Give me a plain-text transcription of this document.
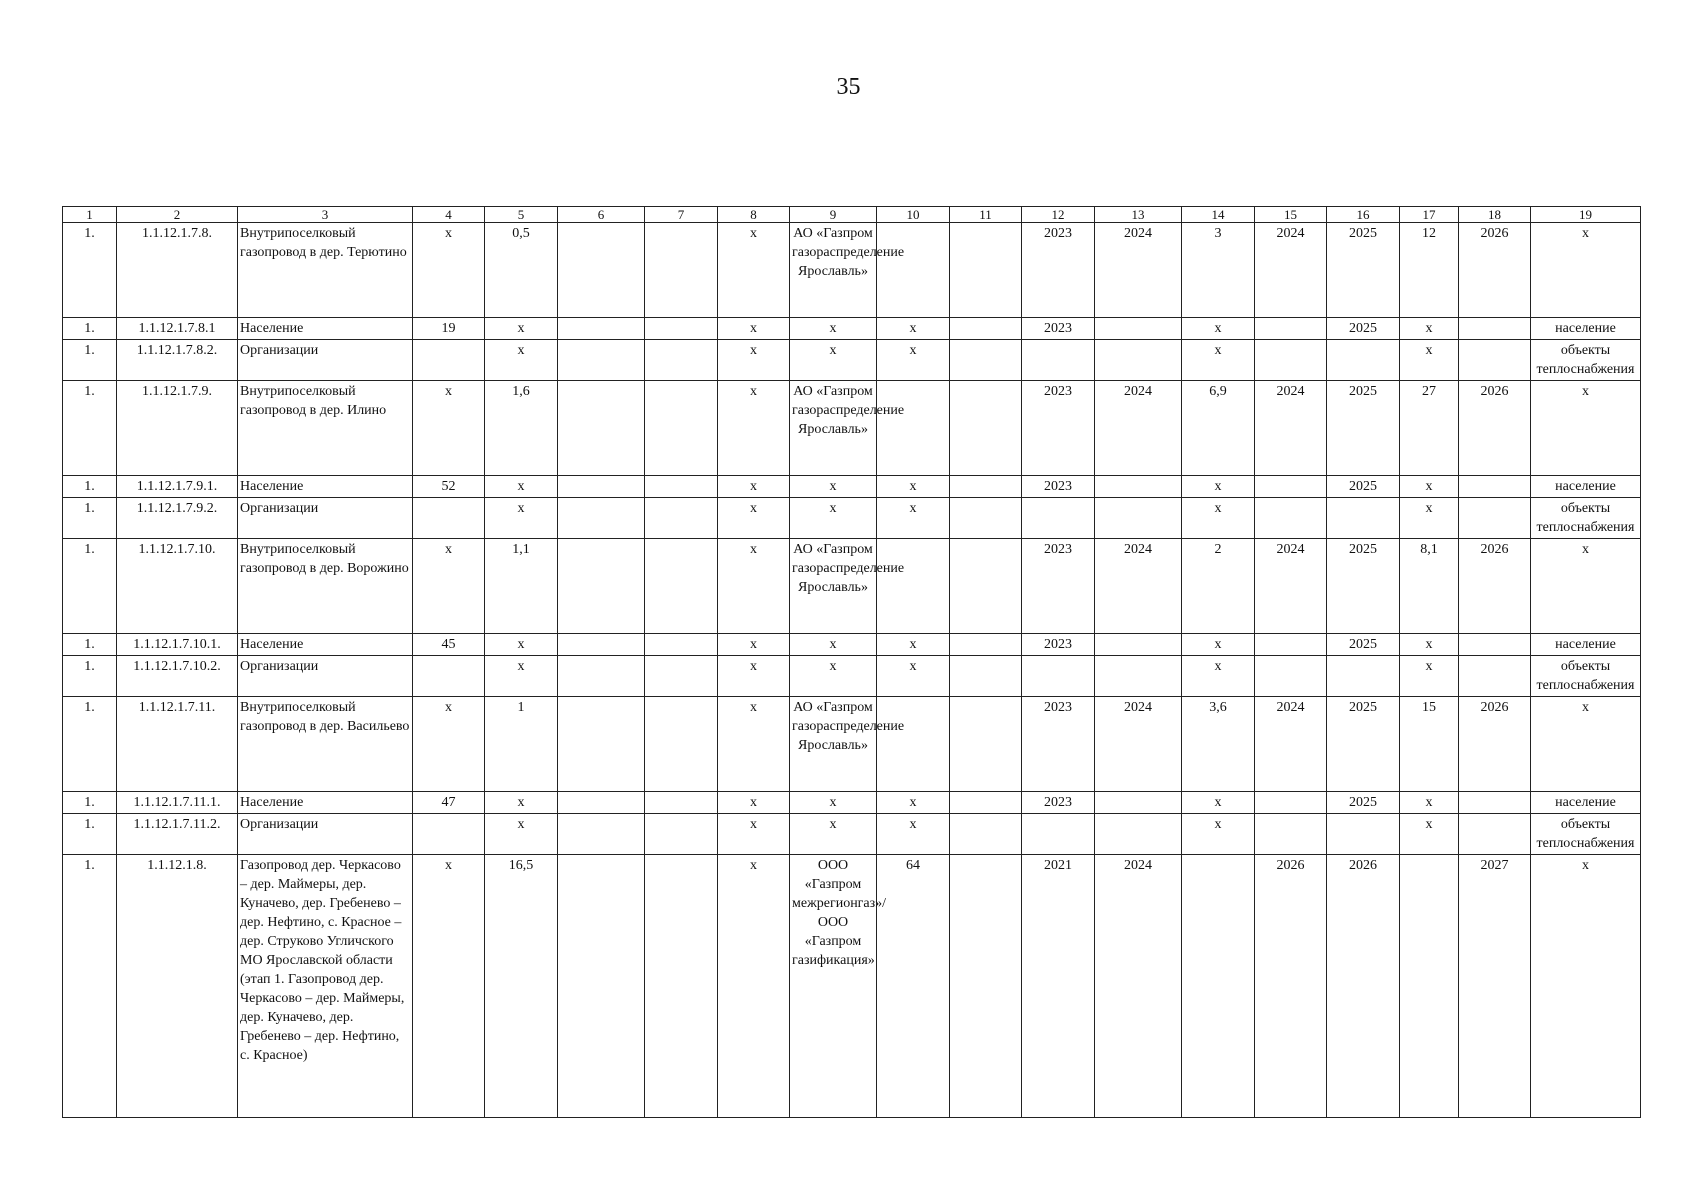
35
1	2	3	4	5	6	7	8	9	10	11	12	13	14	15	16	17	18	19
1.	1.1.12.1.7.8.	Внутрипоселковый газопровод в дер. Терютино	х	0,5			х	АО «Газпром газораспределение Ярославль»			2023	2024	3	2024	2025	12	2026	х
1.	1.1.12.1.7.8.1	Население	19	х			х	х	х		2023		х		2025	х		население
1.	1.1.12.1.7.8.2.	Организации		х			х	х	х				х			х		объекты теплоснабжения
1.	1.1.12.1.7.9.	Внутрипоселковый газопровод в дер. Илино	х	1,6			х	АО «Газпром газораспределение Ярославль»			2023	2024	6,9	2024	2025	27	2026	х
1.	1.1.12.1.7.9.1.	Население	52	х			х	х	х		2023		х		2025	х		население
1.	1.1.12.1.7.9.2.	Организации		х			х	х	х				х			х		объекты теплоснабжения
1.	1.1.12.1.7.10.	Внутрипоселковый газопровод в дер. Ворожино	х	1,1			х	АО «Газпром газораспределение Ярославль»			2023	2024	2	2024	2025	8,1	2026	х
1.	1.1.12.1.7.10.1.	Население	45	х			х	х	х		2023		х		2025	х		население
1.	1.1.12.1.7.10.2.	Организации		х			х	х	х				х			х		объекты теплоснабжения
1.	1.1.12.1.7.11.	Внутрипоселковый газопровод в дер. Васильево	х	1			х	АО «Газпром газораспределение Ярославль»			2023	2024	3,6	2024	2025	15	2026	х
1.	1.1.12.1.7.11.1.	Население	47	х			х	х	х		2023		х		2025	х		население
1.	1.1.12.1.7.11.2.	Организации		х			х	х	х				х			х		объекты теплоснабжения
1.	1.1.12.1.8.	Газопровод дер. Черкасово – дер. Маймеры, дер. Куначево, дер. Гребенево – дер. Нефтино, с. Красное – дер. Струково Угличского МО Ярославской области (этап 1. Газопровод дер. Черкасово – дер. Маймеры, дер. Куначево, дер. Гребенево – дер. Нефтино, с. Красное)	х	16,5			х	ООО «Газпром межрегионгаз»/ ООО «Газпром газификация»	64		2021	2024		2026	2026		2027	х
